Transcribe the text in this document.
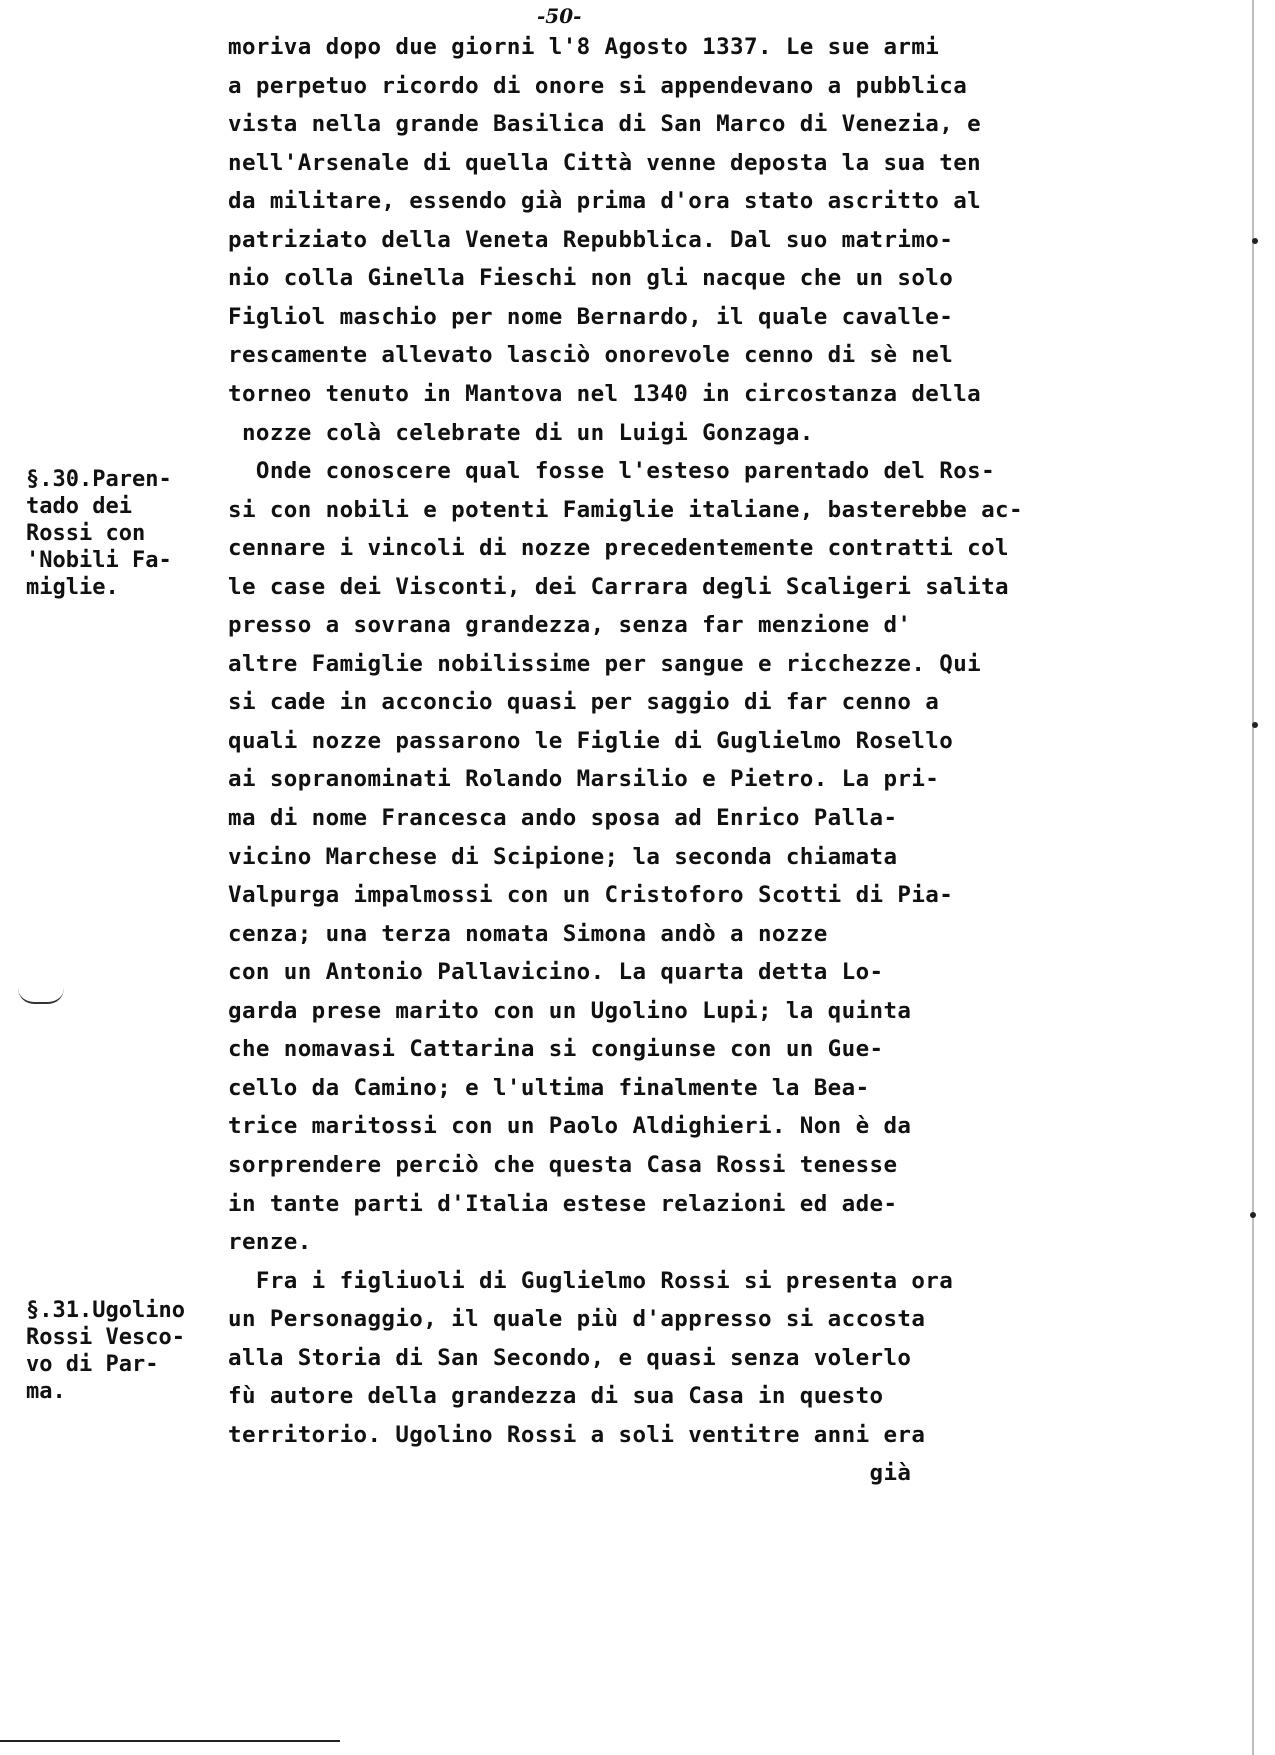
-50-
§.30.Paren-
tado dei
Rossi con
'Nobili Fa-
miglie.
§.31.Ugolino
Rossi Vesco-
vo di Par-
ma.
moriva dopo due giorni l'8 Agosto 1337. Le sue armi
a perpetuo ricordo di onore si appendevano a pubblica
vista nella grande Basilica di San Marco di Venezia, e
nell'Arsenale di quella Città venne deposta la sua ten
da militare, essendo già prima d'ora stato ascritto al
patriziato della Veneta Repubblica. Dal suo matrimo-
nio colla Ginella Fieschi non gli nacque che un solo
Figliol maschio per nome Bernardo, il quale cavalle-
rescamente allevato lasciò onorevole cenno di sè nel
torneo tenuto in Mantova nel 1340 in circostanza della
nozze colà celebrate di un Luigi Gonzaga.
Onde conoscere qual fosse l'esteso parentado del Ros-
si con nobili e potenti Famiglie italiane, basterebbe ac-
cennare i vincoli di nozze precedentemente contratti col
le case dei Visconti, dei Carrara degli Scaligeri salita
presso a sovrana grandezza, senza far menzione d'
altre Famiglie nobilissime per sangue e ricchezze. Qui
si cade in acconcio quasi per saggio di far cenno a
quali nozze passarono le Figlie di Guglielmo Rosello
ai sopranominati Rolando Marsilio e Pietro. La pri-
ma di nome Francesca ando sposa ad Enrico Palla-
vicino Marchese di Scipione; la seconda chiamata
Valpurga impalmossi con un Cristoforo Scotti di Pia-
cenza; una terza nomata Simona andò a nozze
con un Antonio Pallavicino. La quarta detta Lo-
garda prese marito con un Ugolino Lupi; la quinta
che nomavasi Cattarina si congiunse con un Gue-
cello da Camino; e l'ultima finalmente la Bea-
trice maritossi con un Paolo Aldighieri. Non è da
sorprendere perciò che questa Casa Rossi tenesse
in tante parti d'Italia estese relazioni ed ade-
renze.
Fra i figliuoli di Guglielmo Rossi si presenta ora
un Personaggio, il quale più d'appresso si accosta
alla Storia di San Secondo, e quasi senza volerlo
fù autore della grandezza di sua Casa in questo
territorio. Ugolino Rossi a soli ventitre anni era
già
